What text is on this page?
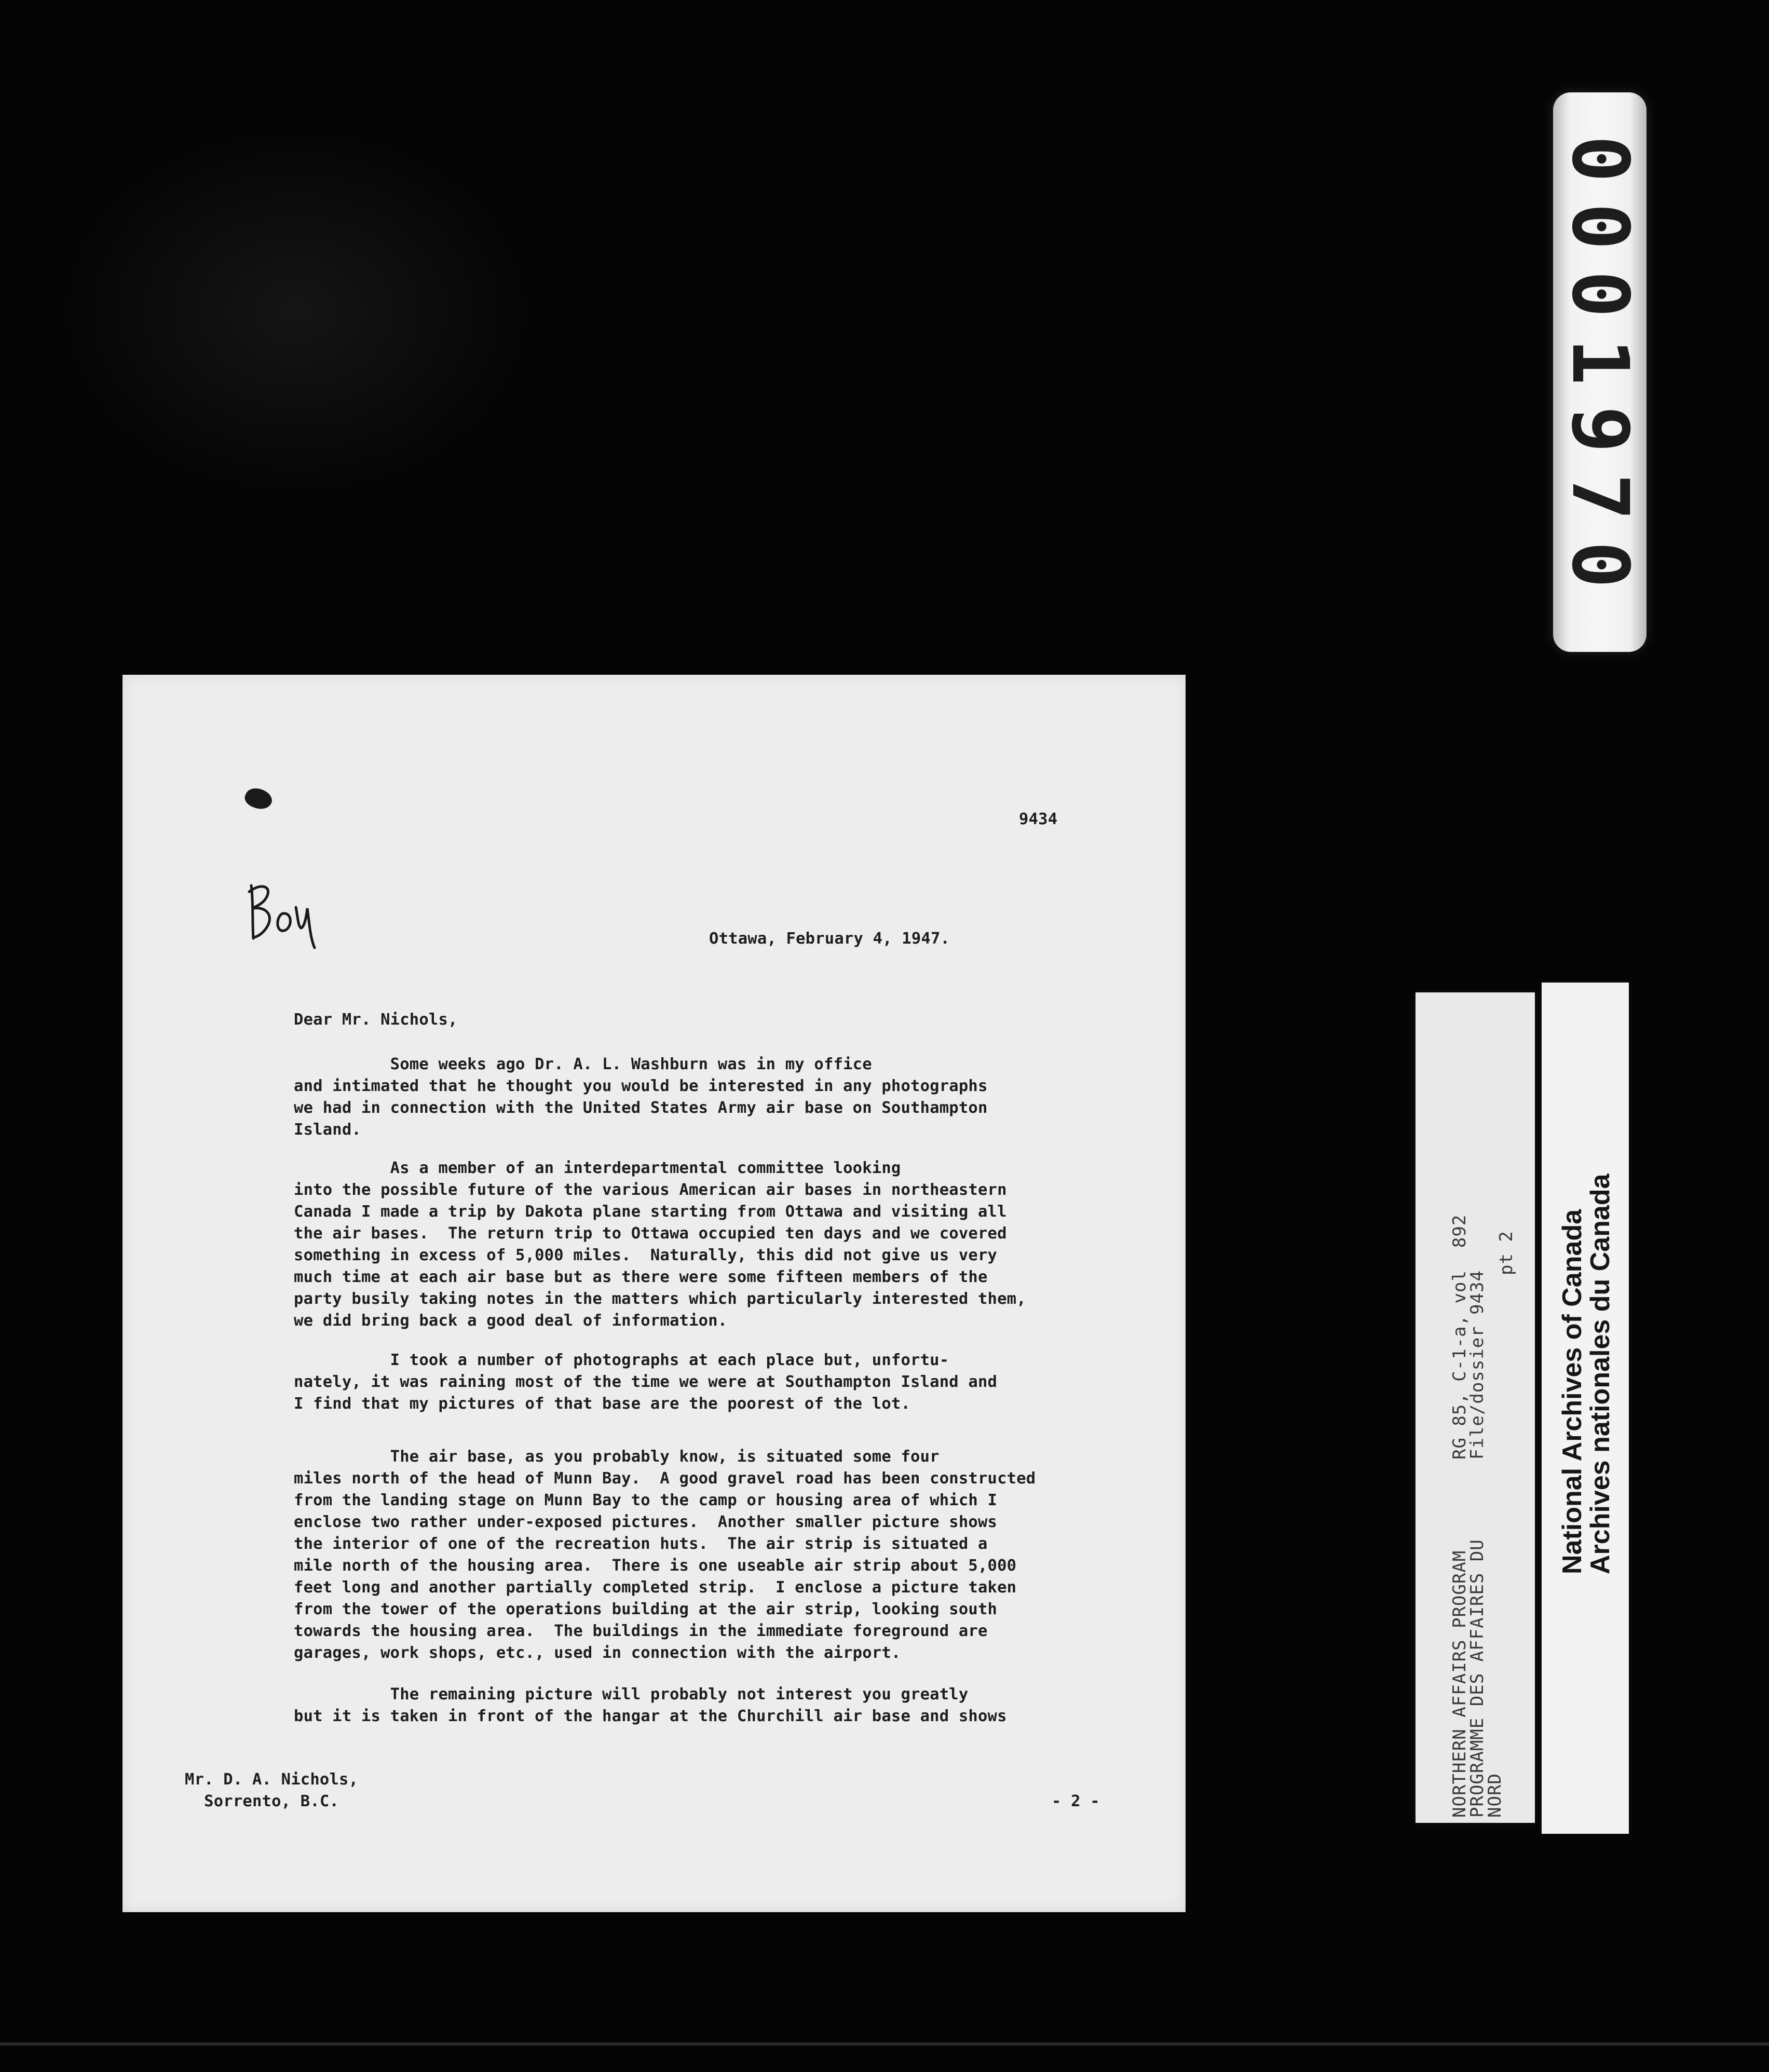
0001970
9434
Ottawa, February 4, 1947.
Dear Mr. Nichols,
Some weeks ago Dr. A. L. Washburn was in my office
and intimated that he thought you would be interested in any photographs
we had in connection with the United States Army air base on Southampton
Island.
As a member of an interdepartmental committee looking
into the possible future of the various American air bases in northeastern
Canada I made a trip by Dakota plane starting from Ottawa and visiting all
the air bases.  The return trip to Ottawa occupied ten days and we covered
something in excess of 5,000 miles.  Naturally, this did not give us very
much time at each air base but as there were some fifteen members of the
party busily taking notes in the matters which particularly interested them,
we did bring back a good deal of information.
I took a number of photographs at each place but, unfortu-
nately, it was raining most of the time we were at Southampton Island and
I find that my pictures of that base are the poorest of the lot.
The air base, as you probably know, is situated some four
miles north of the head of Munn Bay.  A good gravel road has been constructed
from the landing stage on Munn Bay to the camp or housing area of which I
enclose two rather under-exposed pictures.  Another smaller picture shows
the interior of one of the recreation huts.  The air strip is situated a
mile north of the housing area.  There is one useable air strip about 5,000
feet long and another partially completed strip.  I enclose a picture taken
from the tower of the operations building at the air strip, looking south
towards the housing area.  The buildings in the immediate foreground are
garages, work shops, etc., used in connection with the airport.
The remaining picture will probably not interest you greatly
but it is taken in front of the hangar at the Churchill air base and shows
Mr. D. A. Nichols,
Sorrento, B.C.	- 2 -	NORTHERN AFFAIRS PROGRAM
PROGRAMME DES AFFAIRES DU
NORD
RG 85, C-1-a, vol  892
File/dossier 9434
pt 2
National Archives of Canada
Archives nationales du Canada
